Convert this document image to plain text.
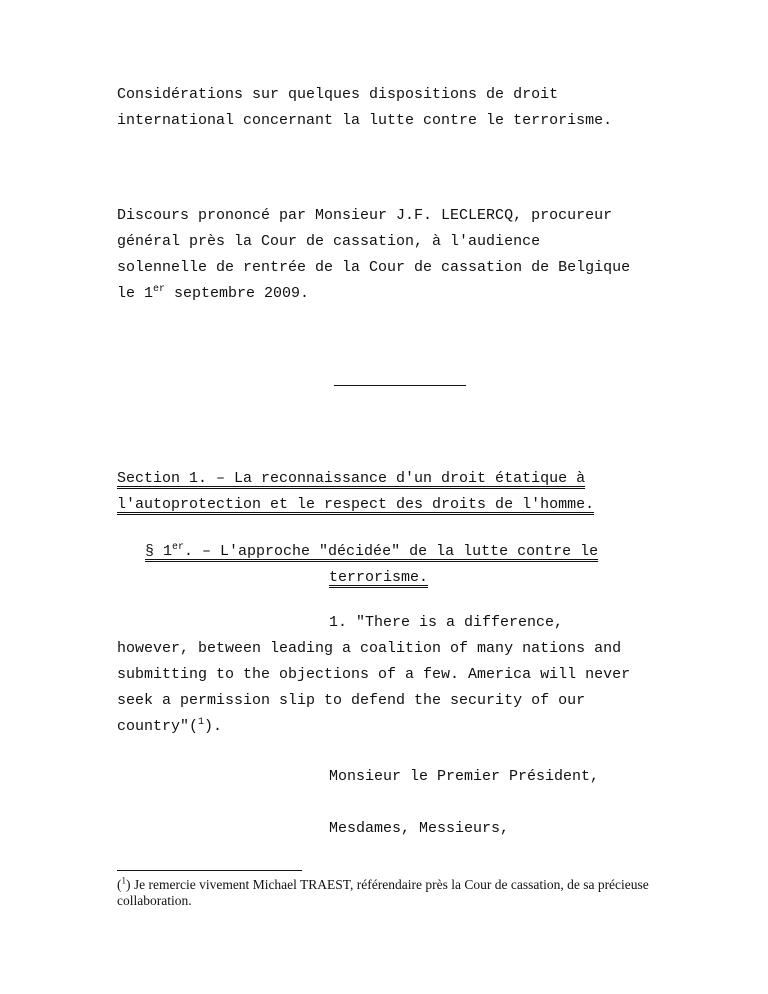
Considérations sur quelques dispositions de droit
international concernant la lutte contre le terrorisme.
Discours prononcé par Monsieur J.F. LECLERCQ, procureur
général près la Cour de cassation, à l'audience
solennelle de rentrée de la Cour de cassation de Belgique
le 1er septembre 2009.
Section 1. – La reconnaissance d'un droit étatique à
l'autoprotection et le respect des droits de l'homme.
§ 1er. – L'approche "décidée" de la lutte contre le
terrorisme.
1. "There is a difference,
however, between leading a coalition of many nations and
submitting to the objections of a few. America will never
seek a permission slip to defend the security of our
country"($^1$).
Monsieur le Premier Président,
Mesdames, Messieurs,
($^1$) Je remercie vivement Michael TRAEST, référendaire près la Cour de cassation, de sa précieuse collaboration.
